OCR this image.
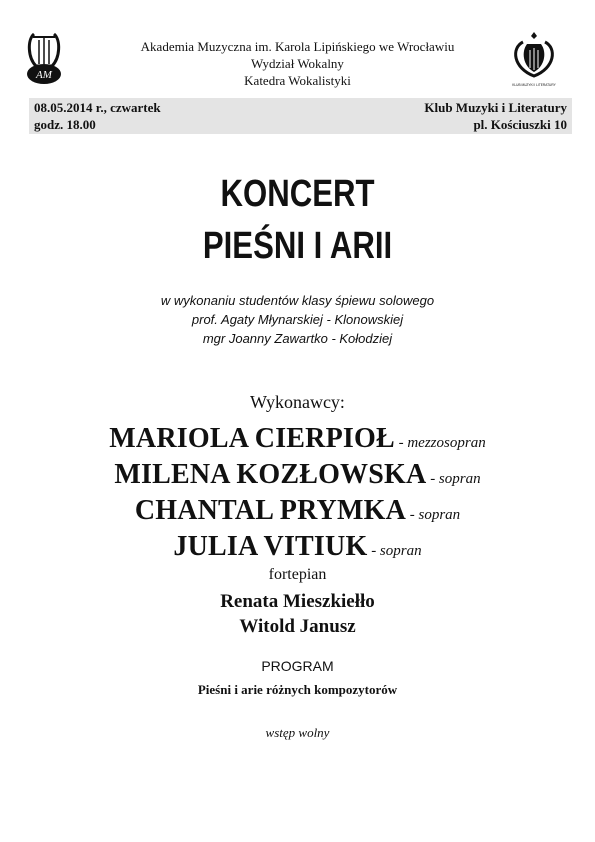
AM
Akademia Muzyczna im. Karola Lipińskiego we Wrocławiu
Wydział Wokalny
Katedra Wokalistyki	KLUB MUZYKI I LITERATURY
08.05.2014 r., czwartek
godz. 18.00
Klub Muzyki i Literatury
pl. Kościuszki 10
KONCERT
PIEŚNI I ARII
w wykonaniu studentów klasy śpiewu solowego
prof. Agaty Młynarskiej - Klonowskiej
mgr Joanny Zawartko - Kołodziej
Wykonawcy:
MARIOLA CIERPIOŁ - mezzosopran
MILENA KOZŁOWSKA - sopran
CHANTAL PRYMKA - sopran
JULIA VITIUK - sopran
fortepian
Renata Mieszkiełło
Witold Janusz
PROGRAM
Pieśni i arie różnych kompozytorów
wstęp wolny
